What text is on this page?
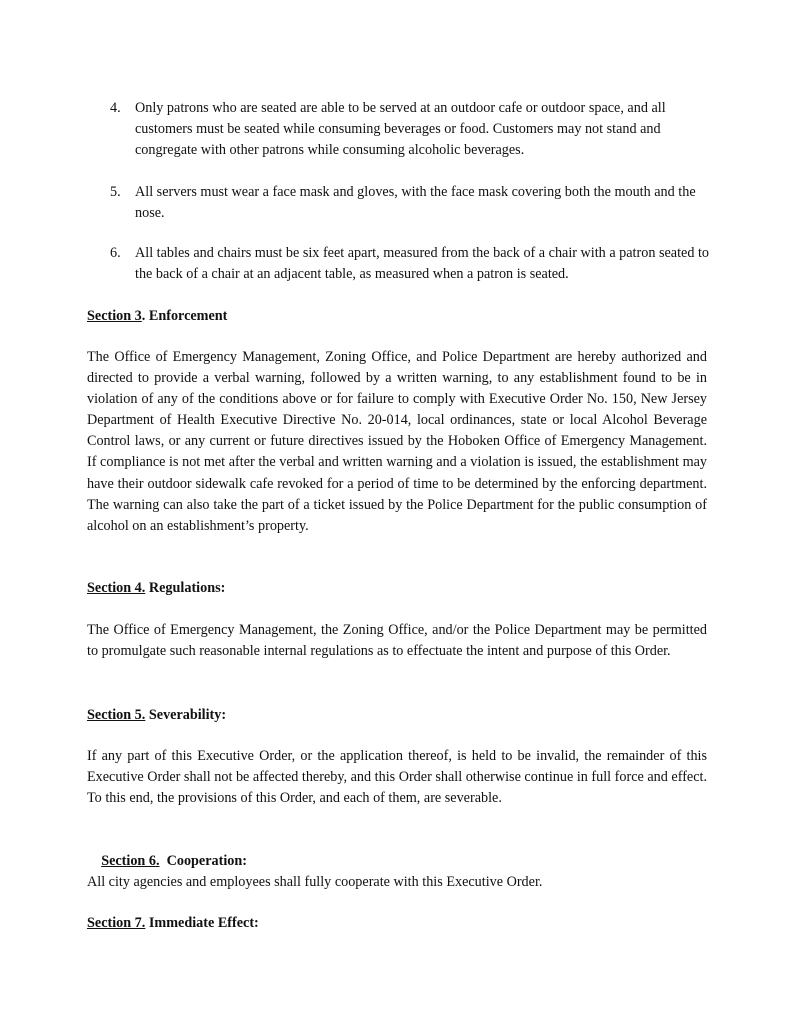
4.	Only patrons who are seated are able to be served at an outdoor cafe or outdoor space, and all customers must be seated while consuming beverages or food. Customers may not stand and congregate with other patrons while consuming alcoholic beverages.
5.	All servers must wear a face mask and gloves, with the face mask covering both the mouth and the nose.
6.	All tables and chairs must be six feet apart, measured from the back of a chair with a patron seated to the back of a chair at an adjacent table, as measured when a patron is seated.
Section 3. Enforcement
The Office of Emergency Management, Zoning Office, and Police Department are hereby authorized and directed to provide a verbal warning, followed by a written warning, to any establishment found to be in violation of any of the conditions above or for failure to comply with Executive Order No. 150, New Jersey Department of Health Executive Directive No. 20-014, local ordinances, state or local Alcohol Beverage Control laws, or any current or future directives issued by the Hoboken Office of Emergency Management. If compliance is not met after the verbal and written warning and a violation is issued, the establishment may have their outdoor sidewalk cafe revoked for a period of time to be determined by the enforcing department. The warning can also take the part of a ticket issued by the Police Department for the public consumption of alcohol on an establishment’s property.
Section 4. Regulations:
The Office of Emergency Management, the Zoning Office, and/or the Police Department may be permitted to promulgate such reasonable internal regulations as to effectuate the intent and purpose of this Order.
Section 5. Severability:
If any part of this Executive Order, or the application thereof, is held to be invalid, the remainder of this Executive Order shall not be affected thereby, and this Order shall otherwise continue in full force and effect. To this end, the provisions of this Order, and each of them, are severable.

Section 6.  Cooperation:

All city agencies and employees shall fully cooperate with this Executive Order.
Section 7. Immediate Effect:
